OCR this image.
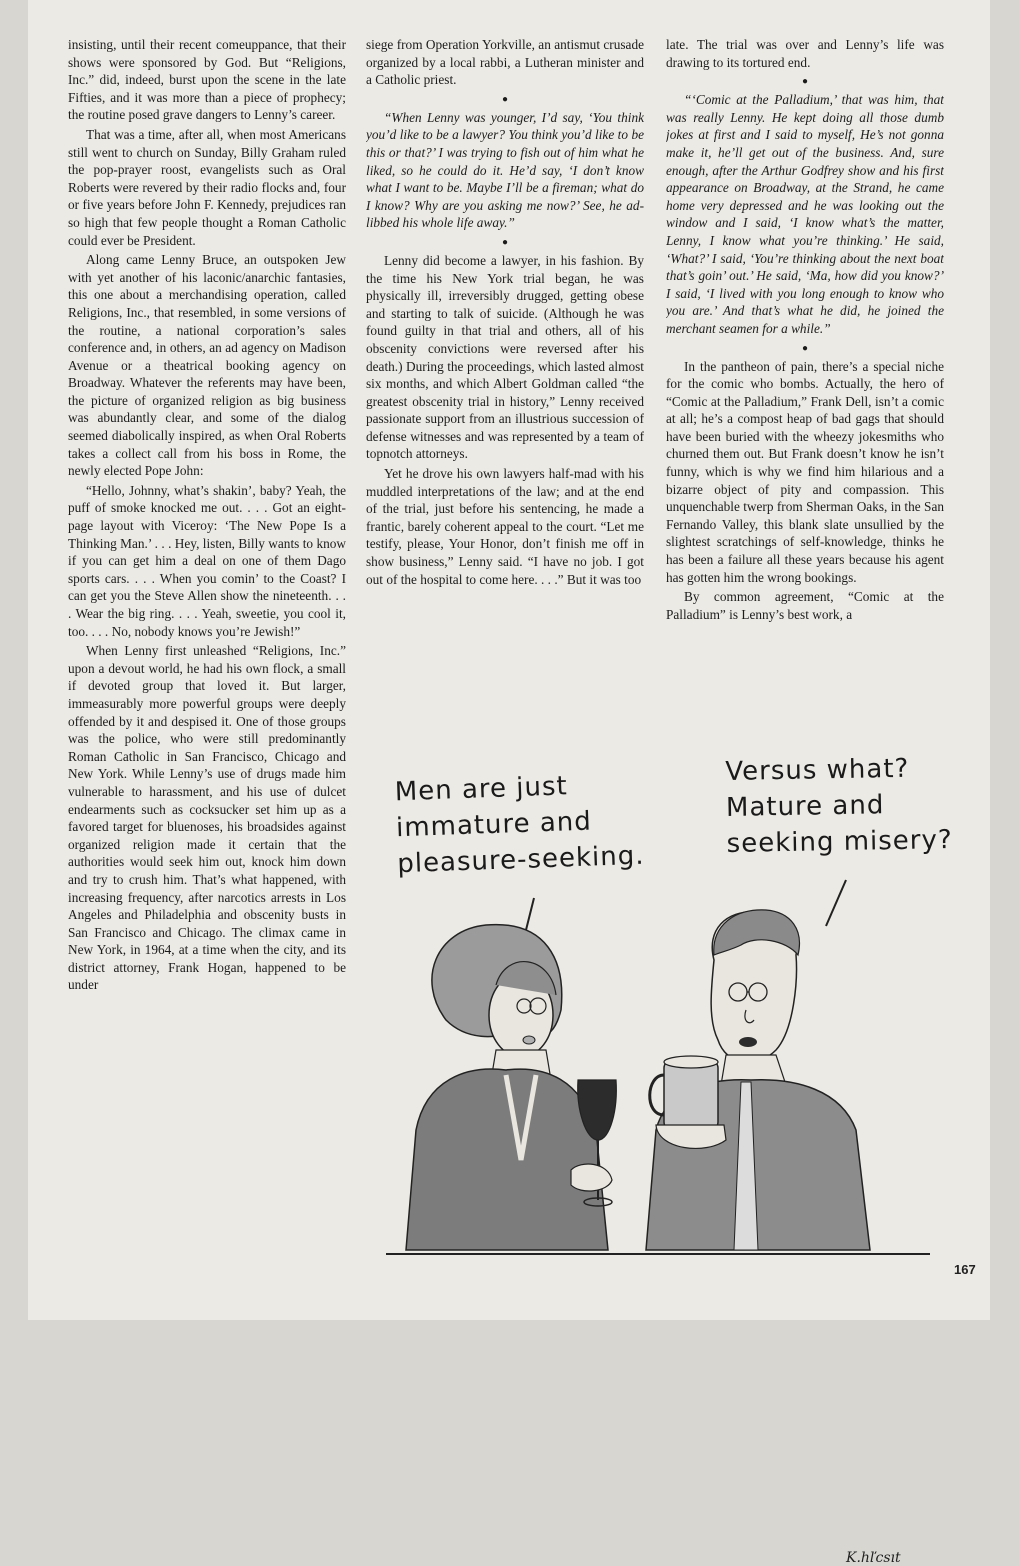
insisting, until their recent comeuppance, that their shows were sponsored by God. But “Religions, Inc.” did, indeed, burst upon the scene in the late Fifties, and it was more than a piece of prophecy; the routine posed grave dangers to Lenny’s career.

That was a time, after all, when most Americans still went to church on Sunday, Billy Graham ruled the pop-prayer roost, evangelists such as Oral Roberts were revered by their radio flocks and, four or five years before John F. Kennedy, prejudices ran so high that few people thought a Roman Catholic could ever be President.

Along came Lenny Bruce, an outspoken Jew with yet another of his laconic/anarchic fantasies, this one about a merchandising operation, called Religions, Inc., that resembled, in some versions of the routine, a national corporation’s sales conference and, in others, an ad agency on Madison Avenue or a theatrical booking agency on Broadway. Whatever the referents may have been, the picture of organized religion as big business was abundantly clear, and some of the dialog seemed diabolically inspired, as when Oral Roberts takes a collect call from his boss in Rome, the newly elected Pope John:

“Hello, Johnny, what’s shakin’, baby? Yeah, the puff of smoke knocked me out. . . . Got an eight-page layout with Viceroy: ‘The New Pope Is a Thinking Man.’ . . . Hey, listen, Billy wants to know if you can get him a deal on one of them Dago sports cars. . . . When you comin’ to the Coast? I can get you the Steve Allen show the nineteenth. . . . Wear the big ring. . . . Yeah, sweetie, you cool it, too. . . . No, nobody knows you’re Jewish!”

When Lenny first unleashed “Religions, Inc.” upon a devout world, he had his own flock, a small if devoted group that loved it. But larger, immeasurably more powerful groups were deeply offended by it and despised it. One of those groups was the police, who were still predominantly Roman Catholic in San Francisco, Chicago and New York. While Lenny’s use of drugs made him vulnerable to harassment, and his use of dulcet endearments such as cocksucker set him up as a favored target for bluenoses, his broadsides against organized religion made it certain that the authorities would seek him out, knock him down and try to crush him. That’s what happened, with increasing frequency, after narcotics arrests in Los Angeles and Philadelphia and obscenity busts in San Francisco and Chicago. The climax came in New York, in 1964, at a time when the city, and its district attorney, Frank Hogan, happened to be under

siege from Operation Yorkville, an antismut crusade organized by a local rabbi, a Lutheran minister and a Catholic priest.

●

“When Lenny was younger, I’d say, ‘You think you’d like to be a lawyer? You think you’d like to be this or that?’ I was trying to fish out of him what he liked, so he could do it. He’d say, ‘I don’t know what I want to be. Maybe I’ll be a fireman; what do I know? Why are you asking me now?’ See, he ad-libbed his whole life away.”

●

Lenny did become a lawyer, in his fashion. By the time his New York trial began, he was physically ill, irreversibly drugged, getting obese and starting to talk of suicide. (Although he was found guilty in that trial and others, all of his obscenity convictions were reversed after his death.) During the proceedings, which lasted almost six months, and which Albert Goldman called “the greatest obscenity trial in history,” Lenny received passionate support from an illustrious succession of defense witnesses and was represented by a team of topnotch attorneys.

Yet he drove his own lawyers half-mad with his muddled interpretations of the law; and at the end of the trial, just before his sentencing, he made a frantic, barely coherent appeal to the court. “Let me testify, please, Your Honor, don’t finish me off in show business,” Lenny said. “I have no job. I got out of the hospital to come here. . . .” But it was too

late. The trial was over and Lenny’s life was drawing to its tortured end.

●

“‘Comic at the Palladium,’ that was him, that was really Lenny. He kept doing all those dumb jokes at first and I said to myself, He’s not gonna make it, he’ll get out of the business. And, sure enough, after the Arthur Godfrey show and his first appearance on Broadway, at the Strand, he came home very depressed and he was looking out the window and I said, ‘I know what’s the matter, Lenny, I know what you’re thinking.’ He said, ‘What?’ I said, ‘You’re thinking about the next boat that’s goin’ out.’ He said, ‘Ma, how did you know?’ I said, ‘I lived with you long enough to know who you are.’ And that’s what he did, he joined the merchant seamen for a while.”

●

In the pantheon of pain, there’s a special niche for the comic who bombs. Actually, the hero of “Comic at the Palladium,” Frank Dell, isn’t a comic at all; he’s a compost heap of bad gags that should have been buried with the wheezy jokesmiths who churned them out. But Frank doesn’t know he isn’t funny, which is why we find him hilarious and a bizarre object of pity and compassion. This unquenchable twerp from Sherman Oaks, in the San Fernando Valley, this blank slate unsullied by the slightest scratchings of self-knowledge, thinks he has been a failure all these years because his agent has gotten him the wrong bookings.

By common agreement, “Comic at the Palladium” is Lenny’s best work, a

Men are just
immature and
pleasure-seeking.
Versus what?
Mature and
seeking misery?
K.hľcsıt
167
